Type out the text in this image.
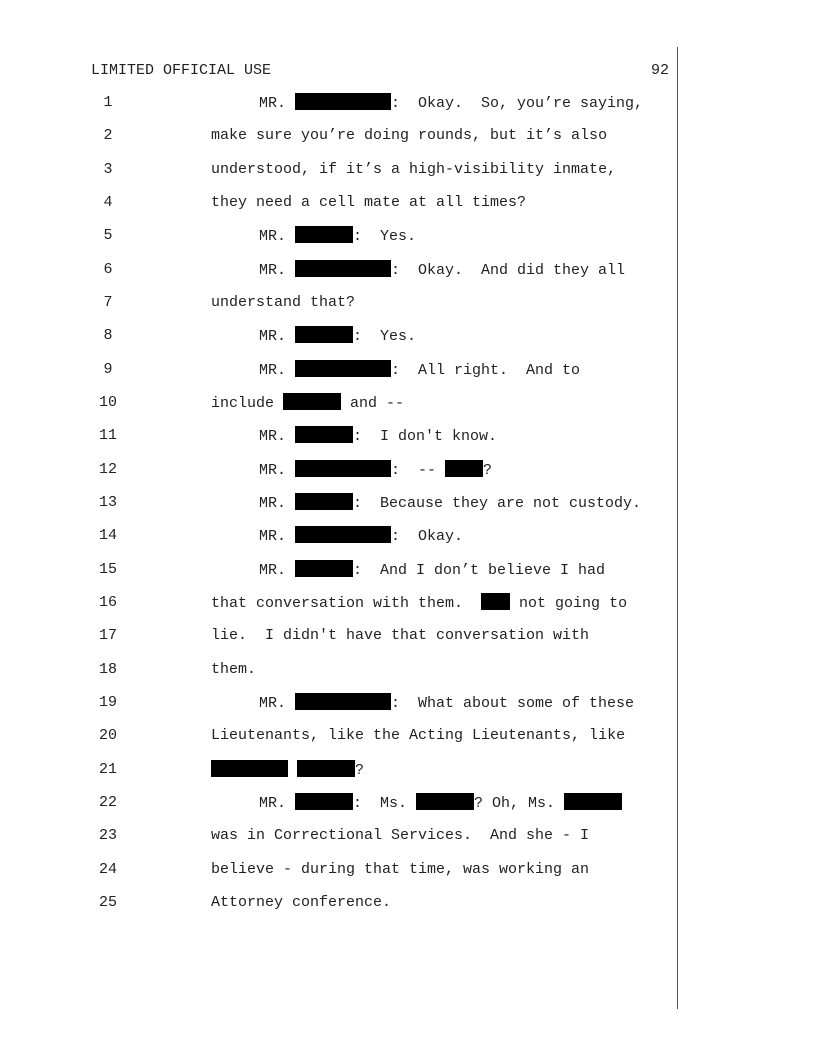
LIMITED OFFICIAL USE	92
1	MR.	:  Okay.  So, you’re saying,
2	make sure you’re doing rounds, but it’s also
3	understood, if it’s a high-visibility inmate,
4	they need a cell mate at all times?
5	MR.	:  Yes.
6	MR.	:  Okay.  And did they all
7	understand that?
8	MR.	:  Yes.
9	MR.	:  All right.  And to
10	include	and --
11	MR.	:  I don't know.
12	MR.	:  --	?
13	MR.	:  Because they are not custody.
14	MR.	:  Okay.
15	MR.	:  And I don’t believe I had
16	that conversation with them.   not going to
17	lie.  I didn't have that conversation with
18	them.
19	MR.	:  What about some of these
20	Lieutenants, like the Acting Lieutenants, like
21	?
22	MR.	:  Ms.	? Oh, Ms.
23	was in Correctional Services.  And she - I
24	believe - during that time, was working an
25	Attorney conference.
